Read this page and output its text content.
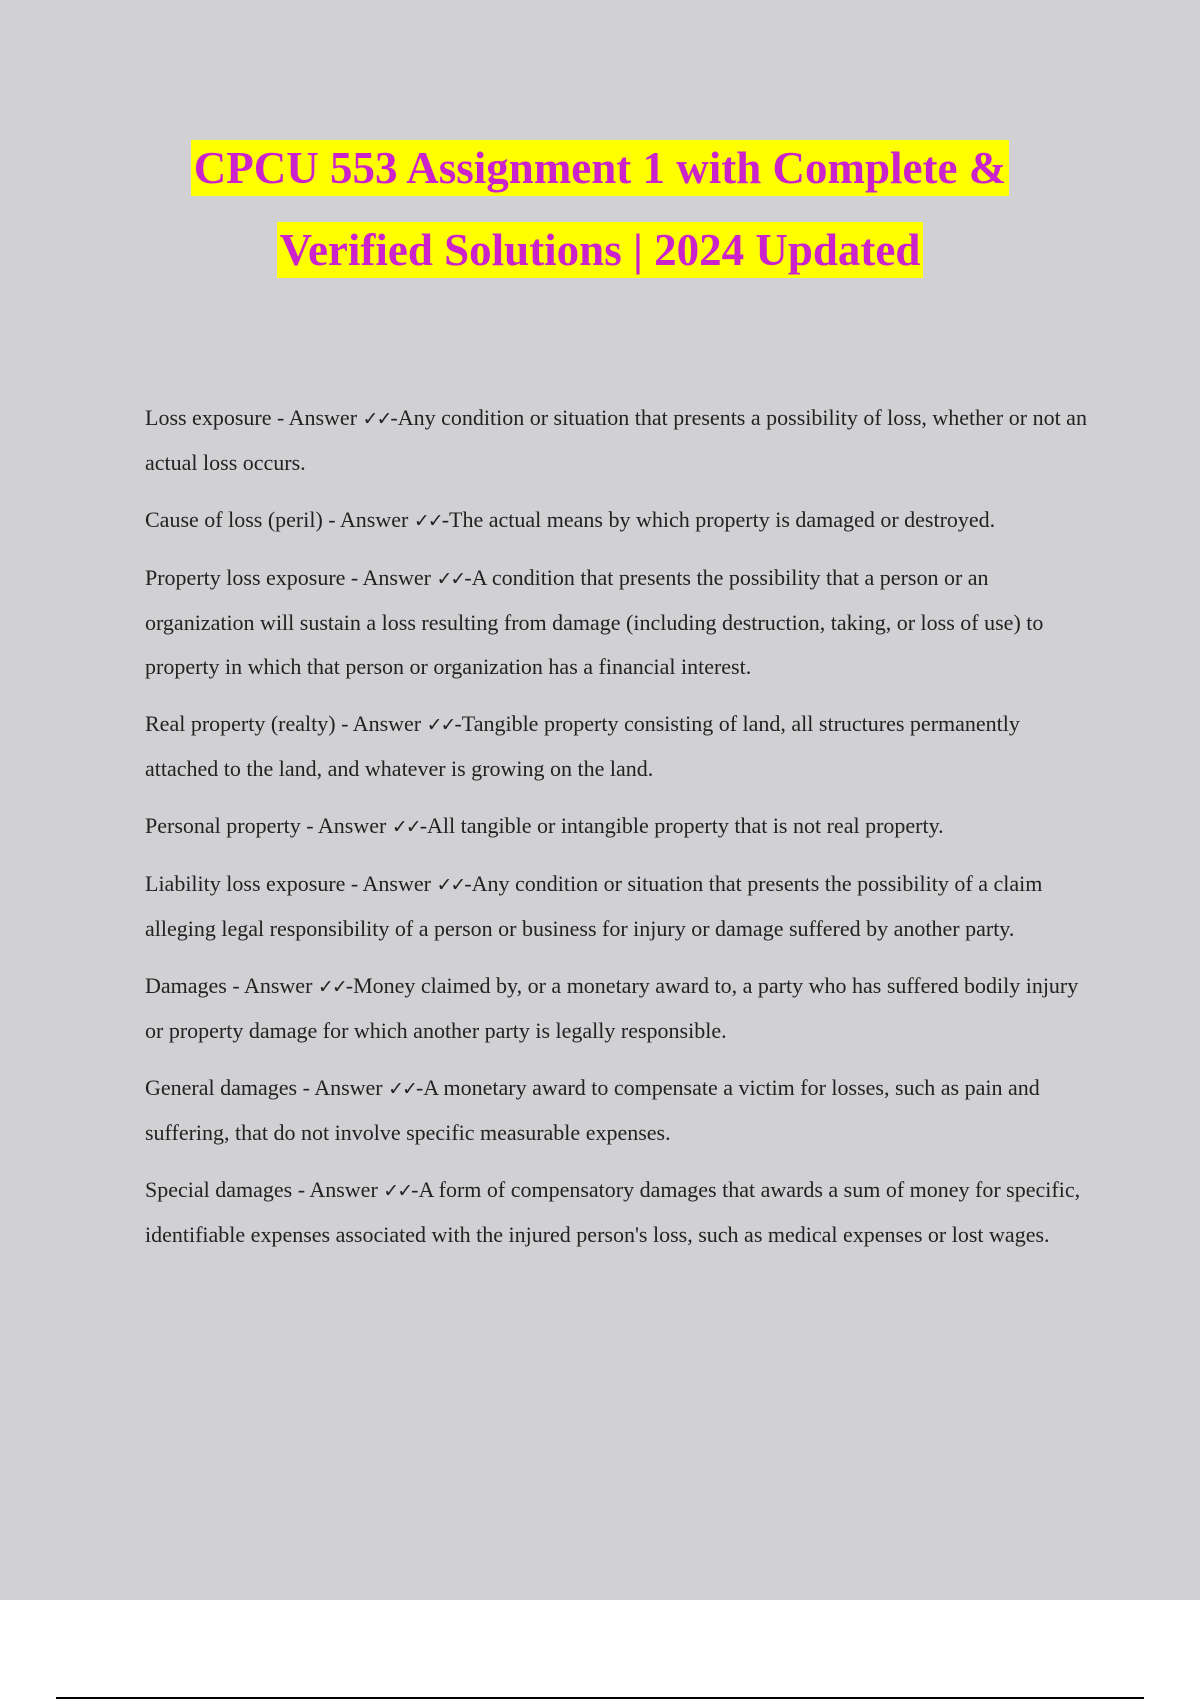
CPCU 553 Assignment 1 with Complete &
Verified Solutions | 2024 Updated

Loss exposure - Answer ✓✓-Any condition or situation that presents a possibility of loss, whether or not an actual loss occurs.

Cause of loss (peril) - Answer ✓✓-The actual means by which property is damaged or destroyed.

Property loss exposure - Answer ✓✓-A condition that presents the possibility that a person or an organization will sustain a loss resulting from damage (including destruction, taking, or loss of use) to property in which that person or organization has a financial interest.

Real property (realty) - Answer ✓✓-Tangible property consisting of land, all structures permanently attached to the land, and whatever is growing on the land.

Personal property - Answer ✓✓-All tangible or intangible property that is not real property.

Liability loss exposure - Answer ✓✓-Any condition or situation that presents the possibility of a claim alleging legal responsibility of a person or business for injury or damage suffered by another party.

Damages - Answer ✓✓-Money claimed by, or a monetary award to, a party who has suffered bodily injury or property damage for which another party is legally responsible.

General damages - Answer ✓✓-A monetary award to compensate a victim for losses, such as pain and suffering, that do not involve specific measurable expenses.

Special damages - Answer ✓✓-A form of compensatory damages that awards a sum of money for specific, identifiable expenses associated with the injured person's loss, such as medical expenses or lost wages.
